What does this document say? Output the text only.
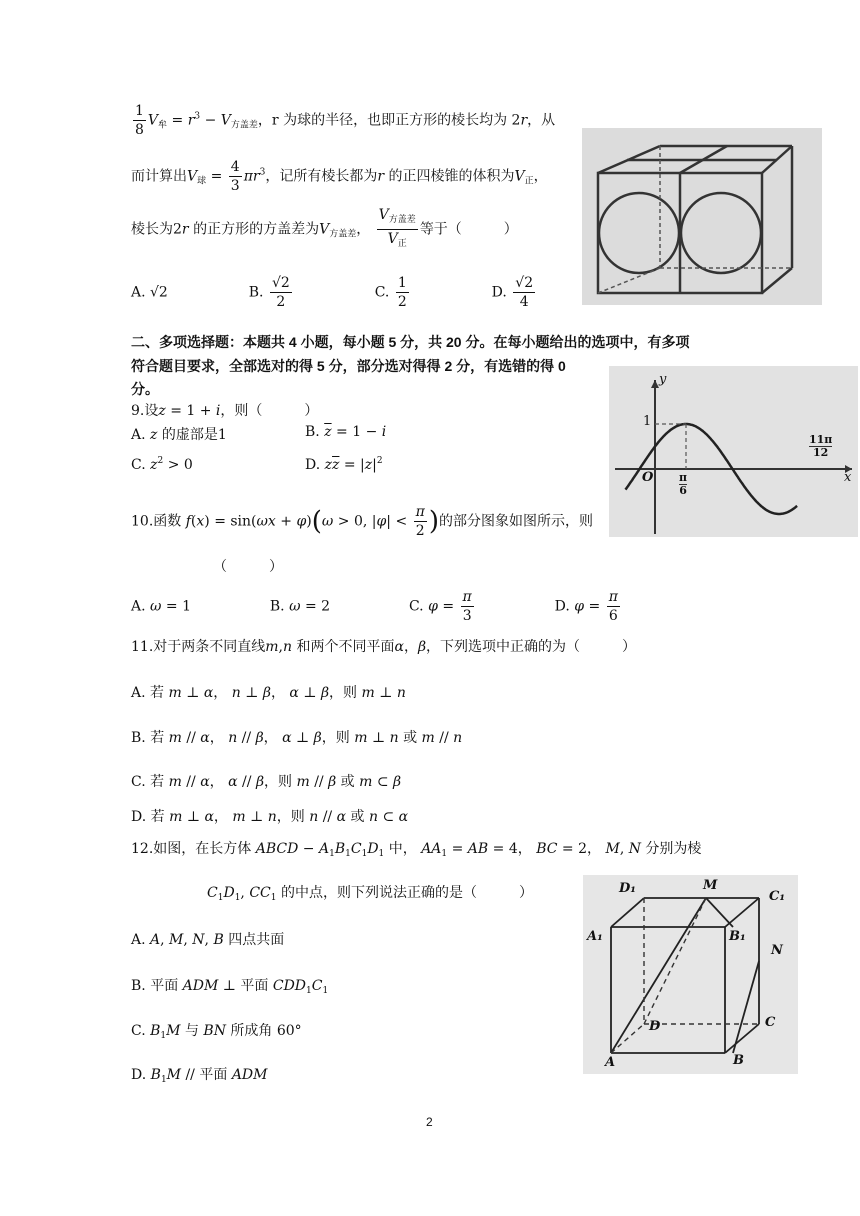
$\frac{1}{8} V_牟 = r^3 - V_{方盖差}$，r 为球的半径，也即正方形的棱长均为 2r，从
而计算出$V_球 = \frac{4}{3} \pi r^3$，记所有棱长都为r 的正四棱锥的体积为$V_正$，
棱长为2r 的正方形的方盖差为$V_{方盖差}$， $\frac{V_{方盖差}}{V_正}$ 等于（　　　）
A. √2	B. $\frac{√2}{2}$	C. $\frac{1}{2}$	D. $\frac{√2}{4}$
二、多项选择题：本题共 4 小题，每小题 5 分，共 20 分。在每小题给出的选项中，有多项
符合题目要求，全部选对的得 5 分，部分选对得得 2 分，有选错的得 0
分。
9.设z = 1 + i，则（　　　）
A. z 的虚部是1	B. $\overline{z} = 1 - i$
C. $z^2 > 0$	D. $z\overline{z} = |z|^2$
y
x
O
1
π
6
11π
12
10.函数 f(x) = sin(ωx + φ)(ω > 0, $|\varphi| < \frac{\pi}{2}$ )的部分图象如图所示，则
（　　　）
A. ω = 1	B. ω = 2	C. $\varphi = \frac{\pi}{3}$	D. $\varphi = \frac{\pi}{6}$
11.对于两条不同直线m,n 和两个不同平面α，β，下列选项中正确的为（　　　）
A. 若 m ⊥ α， n ⊥ β， α ⊥ β，则 m ⊥ n
B. 若 m // α， n // β， α ⊥ β，则 m ⊥ n 或 m // n
C. 若 m // α， α // β，则 m // β 或 m ⊂ β
D. 若 m ⊥ α， m ⊥ n，则 n // α 或 n ⊂ α
12.如图，在长方体 ABCD − $A_1B_1C_1D_1$ 中， $AA_1$ = AB = 4， BC = 2， M, N 分别为棱
$C_1D_1$, $CC_1$ 的中点，则下列说法正确的是（　　　）
A. A, M, N, B 四点共面
B. 平面 ADM ⊥ 平面 $CDD_1C_1$
C. $B_1M$ 与 BN 所成角 60°
D. $B_1M$ // 平面 ADM
D₁	M
C₁
A₁	B₁
N
D	C
A	B
2
